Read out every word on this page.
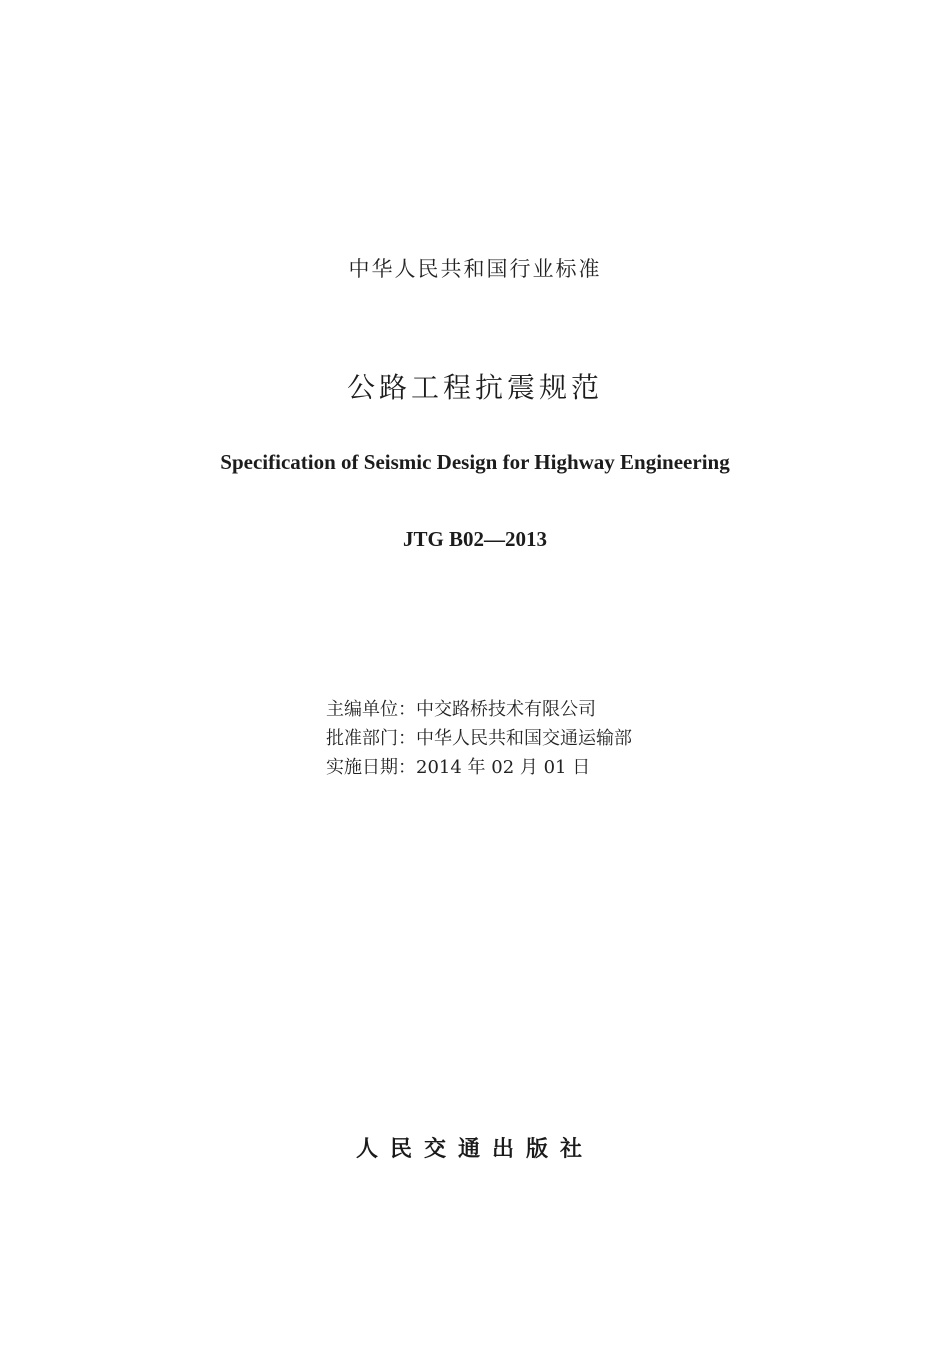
中华人民共和国行业标准
公路工程抗震规范
Specification of Seismic Design for Highway Engineering
JTG B02—2013
主编单位：中交路桥技术有限公司
批准部门：中华人民共和国交通运输部
实施日期：2014 年 02 月 01 日
人民交通出版社
